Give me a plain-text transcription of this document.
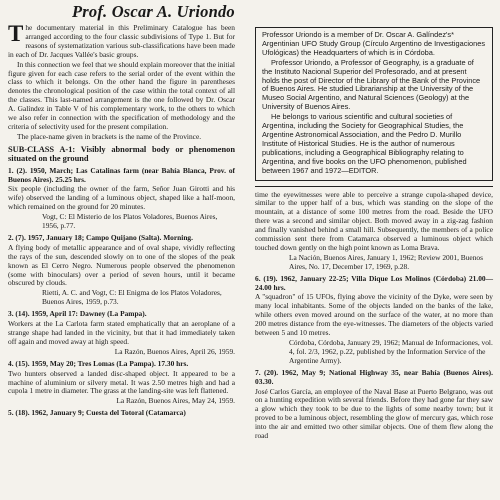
Prof. Oscar A. Uriondo

The documentary material in this Preliminary Catalogue has been arranged according to the four classic subdivisions of Type 1. But for reasons of systematization various sub-classifications have been made in each of Dr. Jacques Vallée's basic groups.

In this connection we feel that we should explain moreover that the initial figure given for each case refers to the serial order of the event within the class to which it belongs. On the other hand the figure in parentheses denotes the chronological position of the case within the total context of all the classes. This last-named arrangement is the one followed by Dr. Oscar A. Galíndez in Table V of his complementary work, to the others to which we also refer in connection with the specification of methodology and the criteria of selectivity used for the present compilation.

The place-name given in brackets is the name of the Province.

SUB-CLASS A-1: Visibly abnormal body or phenomenon situated on the ground

1. (2). 1950, March; Las Catalinas farm (near Bahía Blanca, Prov. of Buenos Aires). 25.25 hrs.

Six people (including the owner of the farm, Señor Juan Girotti and his wife) observed the landing of a luminous object, shaped like a half-moon, which remained on the ground for 20 minutes.

Vogt, C: El Misterio de los Platos Voladores, Buenos Aires, 1956, p.77.

2. (7). 1957, January 18; Campo Quijano (Salta). Morning.

A flying body of metallic appearance and of oval shape, vividly reflecting the rays of the sun, descended slowly on to one of the slopes of the peak known as El Cerro Negro. Numerous people observed the phenomenon (some with binoculars) over a period of seven hours, until it became obscured by clouds.

Rietti, A. C. and Vogt, C: El Enigma de los Platos Voladores, Buenos Aires, 1959, p.73.

3. (14). 1959, April 17: Dawney (La Pampa).

Workers at the La Carlota farm stated emphatically that an aeroplane of a strange shape had landed in the vicinity, but that it had immediately taken off again and moved away at high speed.

La Razón, Buenos Aires, April 26, 1959.

4. (15). 1959, May 20; Tres Lomas (La Pampa). 17.30 hrs.

Two hunters observed a landed disc-shaped object. It appeared to be a machine of aluminium or silvery metal. It was 2.50 metres high and had a cupola 1 metre in diameter. The grass at the landing-site was left flattened.

La Razón, Buenos Aires, May 24, 1959.

5. (18). 1962, January 9; Cuesta del Totoral (Catamarca)

Professor Uriondo is a member of Dr. Oscar A. Galíndez's* Argentinian UFO Study Group (Círculo Argentino de Investigaciones Ufológicas) the Headquarters of which is in Córdoba.

Professor Uriondo, a Professor of Geography, is a graduate of the Instituto Nacional Superior del Profesorado, and at present holds the post of Director of the Library of the Bank of the Province of Buenos Aires. He studied Librarianship at the University of the Museo Social Argentino, and Natural Sciences (Geology) at the University of Buenos Aires.

He belongs to various scientific and cultural societies of Argentina, including the Society for Geographical Studies, the Argentine Astronomical Association, and the Pedro D. Murillo Institute of Historical Studies. He is the author of numerous publications, including a Geographical Bibliography relating to Argentina, and five books on the UFO phenomenon, published between 1967 and 1972—EDITOR.

time the eyewitnesses were able to perceive a strange cupola-shaped device, similar to the upper half of a bus, which was standing on the slope of the mountain, at a distance of some 100 metres from the road. Beside the UFO there was a second and similar object. Both moved away in a zig-zag fashion and finally vanished behind a small hill. Subsequently, the members of a police commission sent there from Catamarca observed a luminous object which touched down gently on the high point known as Loma Brava.

La Nación, Buenos Aires, January 1, 1962; Review 2001, Buenos Aires, No. 17, December 17, 1969, p.28.

6. (19). 1962, January 22-25; Villa Dique Los Molinos (Córdoba) 21.00—24.00 hrs.

A "squadron" of 15 UFOs, flying above the vicinity of the Dyke, were seen by many local inhabitants. Some of the objects landed on the banks of the lake, while others even moved around on the surface of the water, at no more than 200 metres distance from the eye-witnesses. The diameters of the objects varied between 5 and 10 metres.

Córdoba, Córdoba, January 29, 1962; Manual de Informaciones, vol. 4, fol. 2/3, 1962, p.22, published by the Information Service of the Argentine Army).

7. (20). 1962, May 9; National Highway 35, near Bahía (Buenos Aires). 03.30.

José Carlos García, an employee of the Naval Base at Puerto Belgrano, was out on a hunting expedition with several friends. Before they had gone far they saw a glow which they took to be due to the lights of some nearby town; but it proved to be a luminous object, resembling the glow of mercury gas, which rose into the air and emitted two other similar objects. One of them flew along the road
